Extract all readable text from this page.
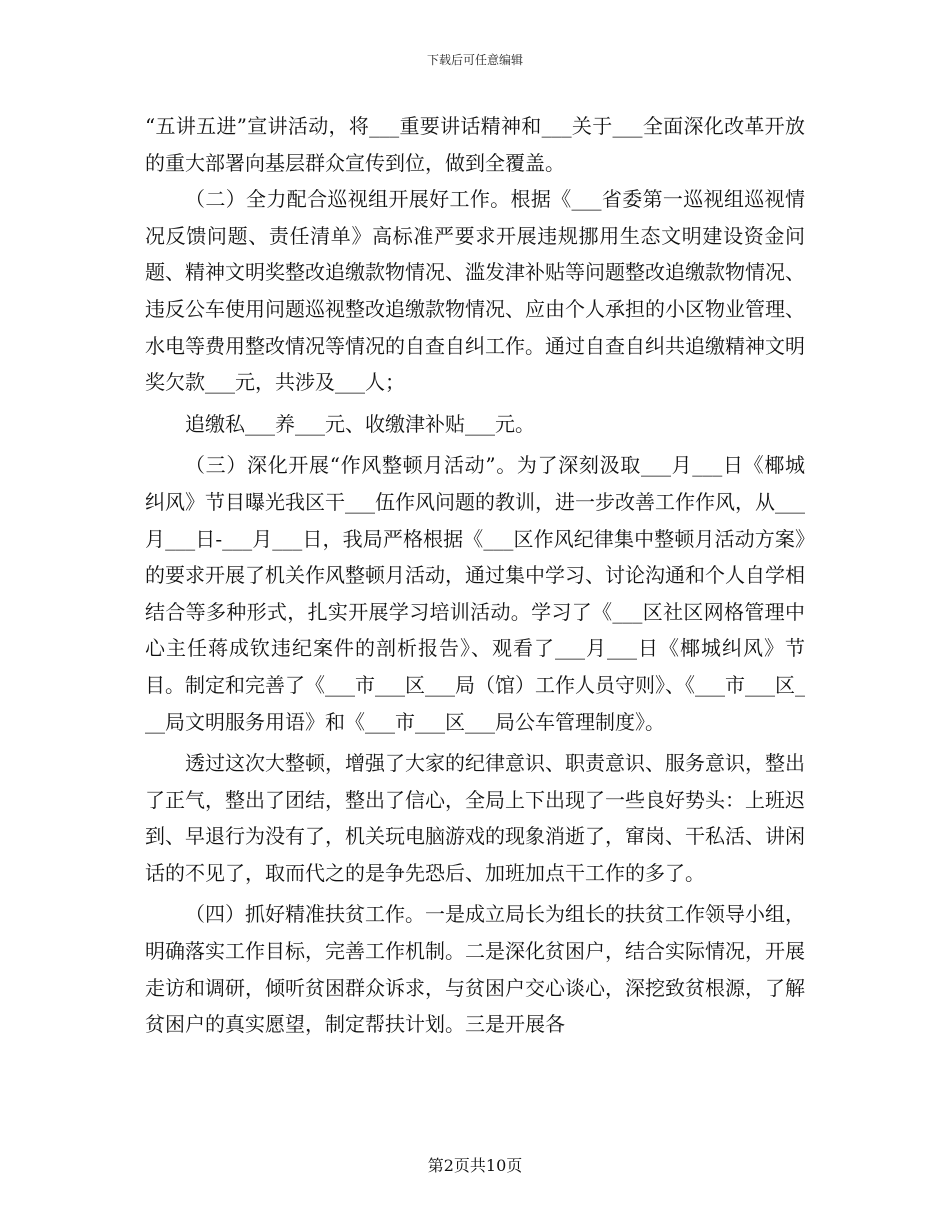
下载后可任意编辑

“五讲五进”宣讲活动，将___重要讲话精神和___关于___全面深化改革开放的重大部署向基层群众宣传到位，做到全覆盖。

（二）全力配合巡视组开展好工作。根据《___省委第一巡视组巡视情况反馈问题、责任清单》高标准严要求开展违规挪用生态文明建设资金问题、精神文明奖整改追缴款物情况、滥发津补贴等问题整改追缴款物情况、违反公车使用问题巡视整改追缴款物情况、应由个人承担的小区物业管理、水电等费用整改情况等情况的自查自纠工作。通过自查自纠共追缴精神文明奖欠款___元，共涉及___人；

追缴私___养___元、收缴津补贴___元。

（三）深化开展“作风整顿月活动”。为了深刻汲取___月___日《椰城纠风》节目曝光我区干___伍作风问题的教训，进一步改善工作作风，从___月___日-___月___日，我局严格根据《___区作风纪律集中整顿月活动方案》的要求开展了机关作风整顿月活动，通过集中学习、讨论沟通和个人自学相结合等多种形式，扎实开展学习培训活动。学习了《___区社区网格管理中心主任蒋成钦违纪案件的剖析报告》、观看了___月___日《椰城纠风》节目。制定和完善了《___市___区___局（馆）工作人员守则》、《___市___区___局文明服务用语》和《___市___区___局公车管理制度》。

透过这次大整顿，增强了大家的纪律意识、职责意识、服务意识，整出了正气，整出了团结，整出了信心，全局上下出现了一些良好势头：上班迟到、早退行为没有了，机关玩电脑游戏的现象消逝了，窜岗、干私活、讲闲话的不见了，取而代之的是争先恐后、加班加点干工作的多了。

（四）抓好精准扶贫工作。一是成立局长为组长的扶贫工作领导小组，明确落实工作目标，完善工作机制。二是深化贫困户，结合实际情况，开展走访和调研，倾听贫困群众诉求，与贫困户交心谈心，深挖致贫根源，了解贫困户的真实愿望，制定帮扶计划。三是开展各

第2页共10页
